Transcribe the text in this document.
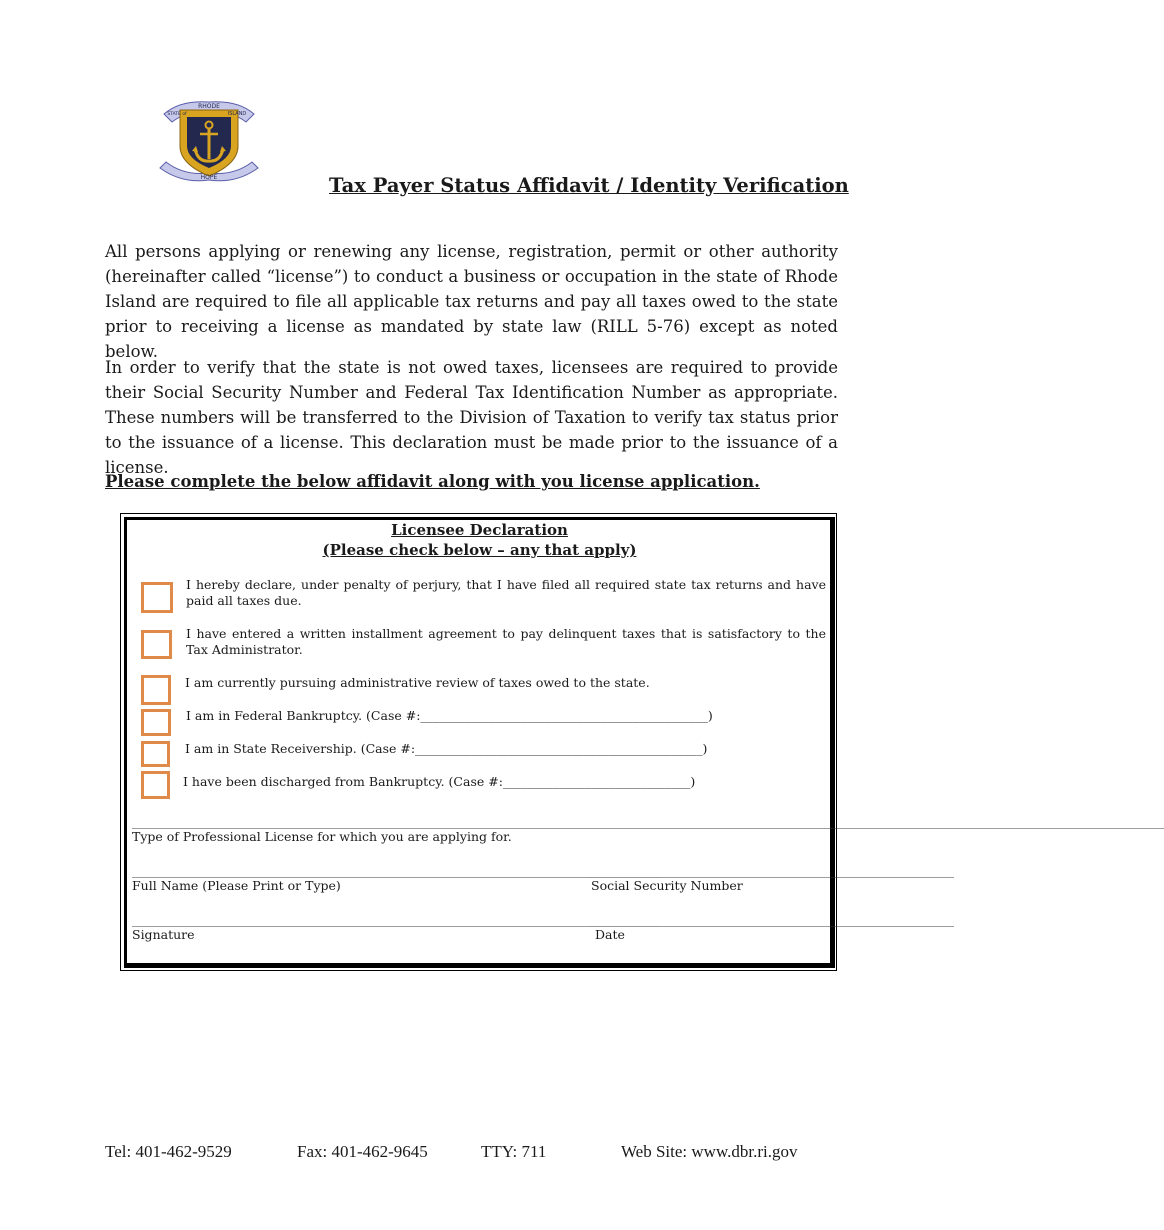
RHODE
ISLAND
STATE of
HOPE	Tax Payer Status Affidavit / Identity Verification

All persons applying or renewing any license, registration, permit or other authority (hereinafter called “license”) to conduct a business or occupation in the state of Rhode Island are required to file all applicable tax returns and pay all taxes owed to the state prior to receiving a license as mandated by state law (RILL 5-76) except as noted below.

In order to verify that the state is not owed taxes, licensees are required to provide their Social Security Number and Federal Tax Identification Number as appropriate. These numbers will be transferred to the Division of Taxation to verify tax status prior to the issuance of a license. This declaration must be made prior to the issuance of a license.

Please complete the below affidavit along with you license application.
Licensee Declaration
(Please check below – any that apply)
I hereby declare, under penalty of perjury, that I have filed all required state tax returns and have paid all taxes due.
I have entered a written installment agreement to pay delinquent taxes that is satisfactory to the Tax Administrator.
I am currently pursuing administrative review of taxes owed to the state.
I am in Federal Bankruptcy. (Case #:______________________________________________)
I am in State Receivership. (Case #:______________________________________________)
I have been discharged from Bankruptcy. (Case #:______________________________)
____________________________________________________________________________________________________________________________________________________________________________
Type of Professional License for which you are applying for.
________________________________________________________________________________________
Full Name (Please Print or Type)
_____________________________________________________________
Social Security Number
________________________________________________________________________________________
Signature
_____________________________________________________________
Date
Tel: 401-462-9529	Fax: 401-462-9645	TTY: 711	Web Site: www.dbr.ri.gov
